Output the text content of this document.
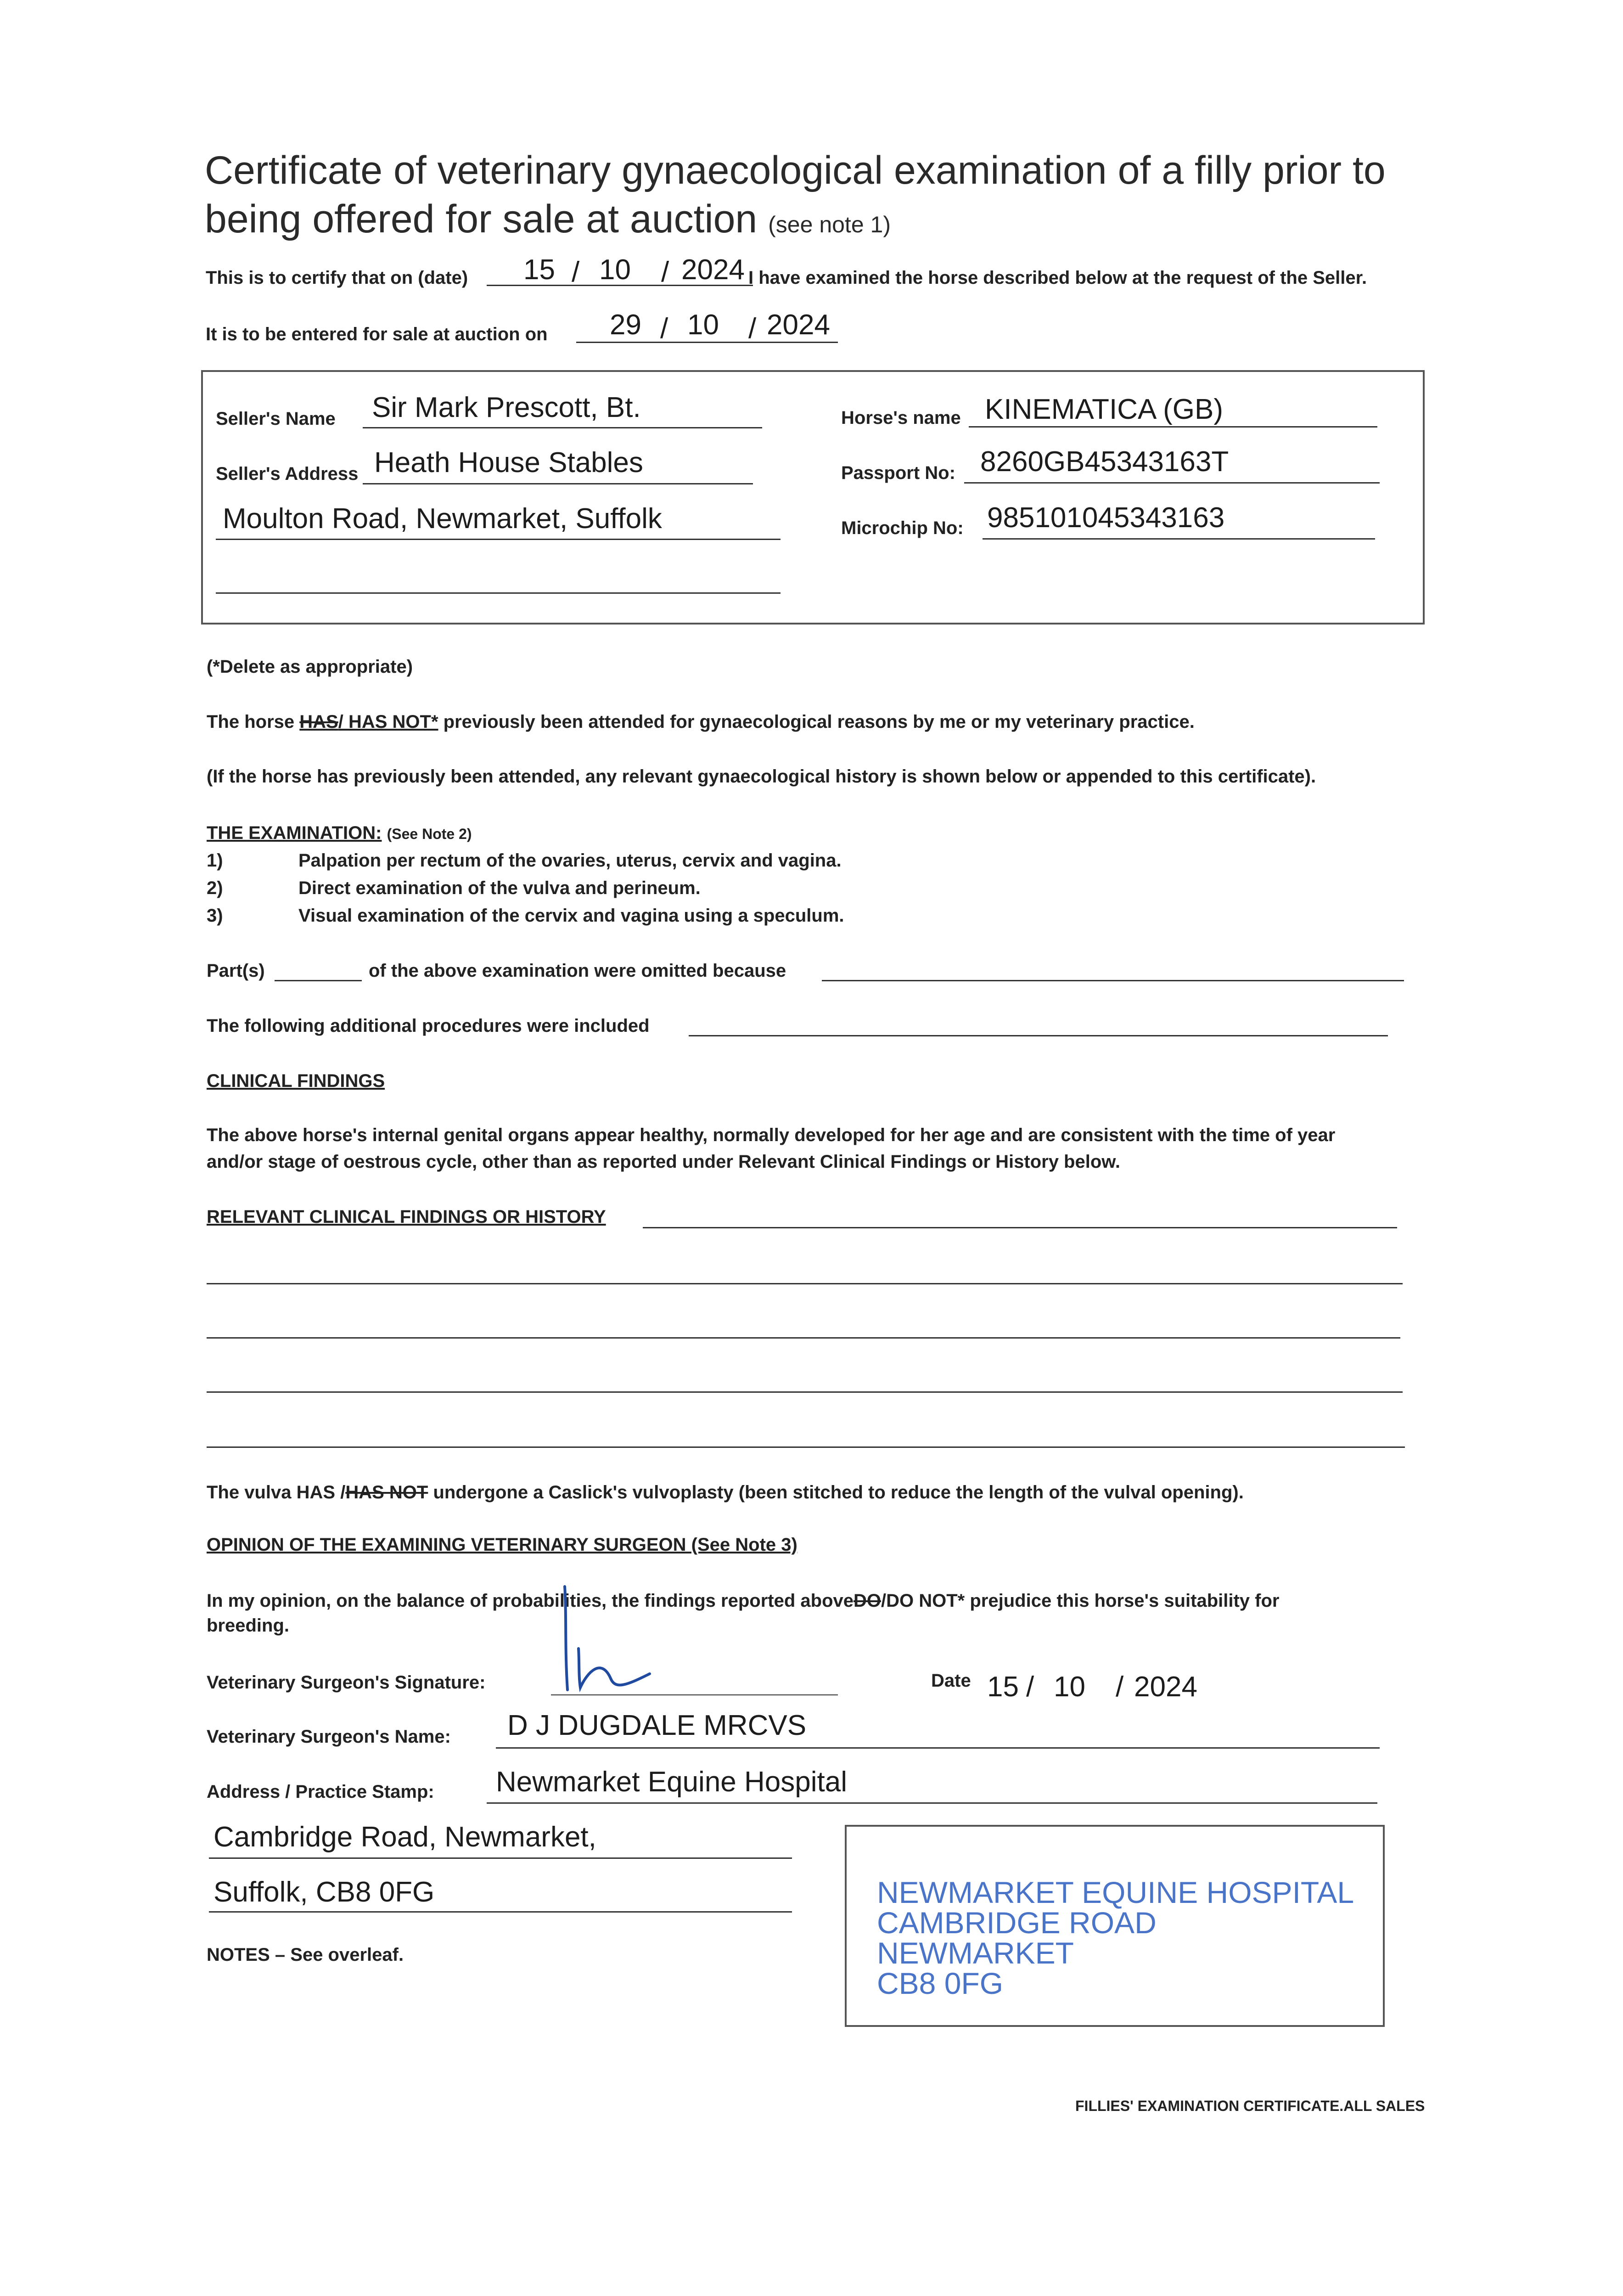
Certificate of veterinary gynaecological examination of a filly prior to
being offered for sale at auction (see note 1)
This is to certify that on (date) 15 / 10 / 2024 I have examined the horse described below at the request of the Seller.
It is to be entered for sale at auction on 29 / 10 / 2024
Seller's Name Sir Mark Prescott, Bt.
Seller's Address Heath House Stables
Moulton Road, Newmarket, Suffolk
Horse's name KINEMATICA (GB)
Passport No: 8260GB45343163T
Microchip No: 985101045343163
(*Delete as appropriate)
The horse HAS/ HAS NOT* previously been attended for gynaecological reasons by me or my veterinary practice.
(If the horse has previously been attended, any relevant gynaecological history is shown below or appended to this certificate).
THE EXAMINATION: (See Note 2)
1)	Palpation per rectum of the ovaries, uterus, cervix and vagina.
2)	Direct examination of the vulva and perineum.
3)	Visual examination of the cervix and vagina using a speculum.
Part(s)	of the above examination were omitted because
The following additional procedures were included
CLINICAL FINDINGS
The above horse's internal genital organs appear healthy, normally developed for her age and are consistent with the time of year
and/or stage of oestrous cycle, other than as reported under Relevant Clinical Findings or History below.
RELEVANT CLINICAL FINDINGS OR HISTORY
The vulva HAS /HAS NOT undergone a Caslick's vulvoplasty (been stitched to reduce the length of the vulval opening).
OPINION OF THE EXAMINING VETERINARY SURGEON (See Note 3)
In my opinion, on the balance of probabilities, the findings reported aboveDO/DO NOT* prejudice this horse's suitability for
breeding.
Veterinary Surgeon's Signature:	Date 15 / 10 / 2024
Veterinary Surgeon's Name: D J DUGDALE MRCVS
Address / Practice Stamp: Newmarket Equine Hospital
Cambridge Road, Newmarket,
Suffolk, CB8 0FG
NOTES – See overleaf.
NEWMARKET EQUINE HOSPITAL
CAMBRIDGE ROAD
NEWMARKET
CB8 0FG
FILLIES' EXAMINATION CERTIFICATE.ALL SALES
